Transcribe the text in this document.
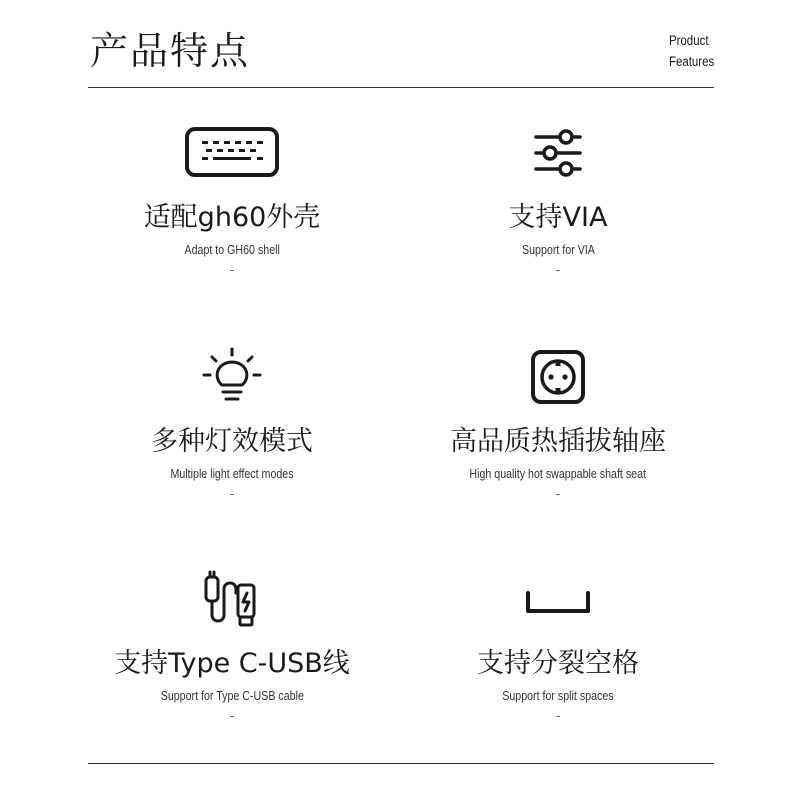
产品特点	Product
Features
适配gh60外壳
Adapt to GH60 shell
-
支持VIA
Support for VIA
-
多种灯效模式
Multiple light effect modes
-
高品质热插拔轴座
High quality hot swappable shaft seat
-
支持Type C-USB线
Support for Type C-USB cable
-
支持分裂空格
Support for split spaces
-
